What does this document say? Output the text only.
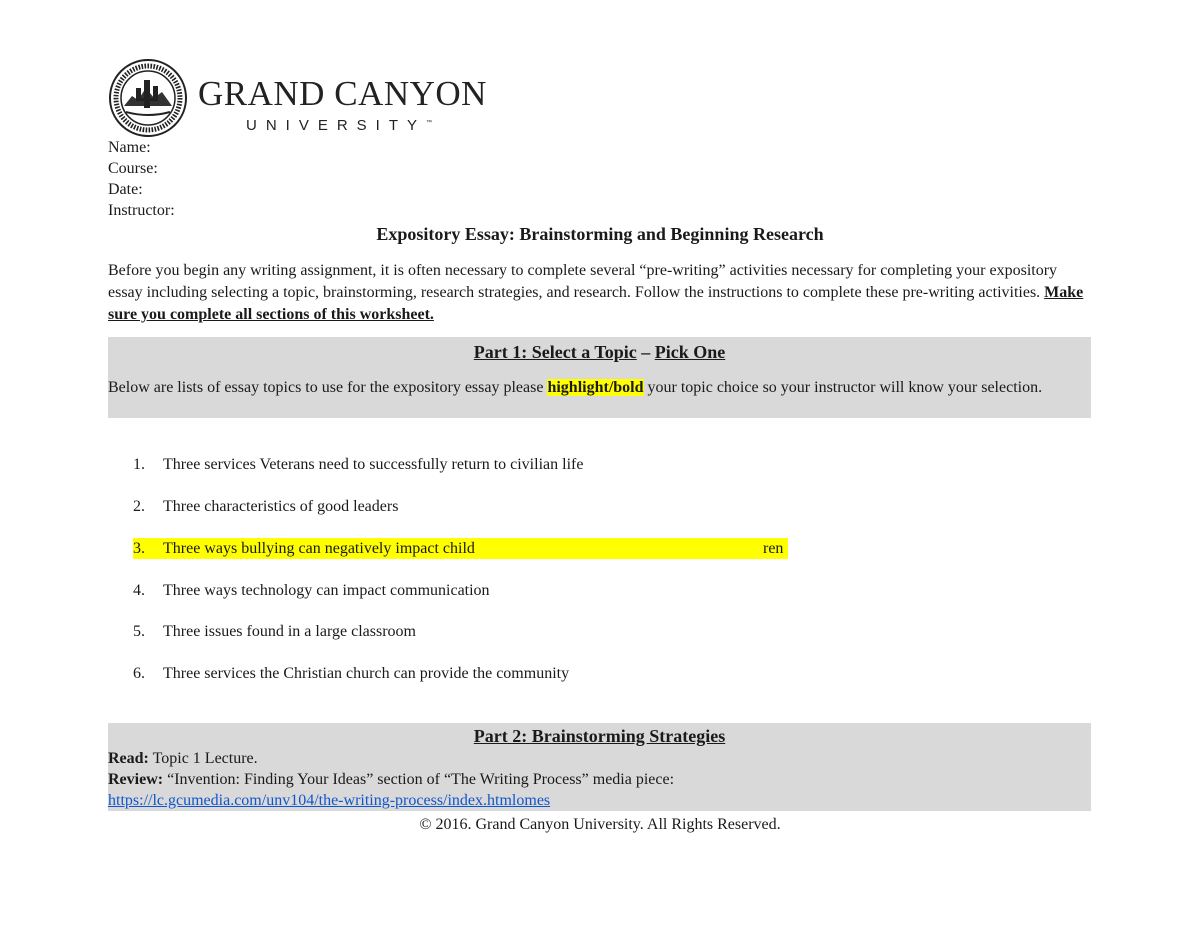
GRAND CANYON
UNIVERSITY™
Name:
Course:
Date:
Instructor:
Expository Essay: Brainstorming and Beginning Research
Before you begin any writing assignment, it is often necessary to complete several “pre-writing” activities necessary for completing your expository essay including selecting a topic, brainstorming, research strategies, and research. Follow the instructions to complete these pre-writing activities. Make sure you complete all sections of this worksheet.
Part 1: Select a Topic – Pick One
Below are lists of essay topics to use for the expository essay please highlight/bold your topic choice so your instructor will know your selection.
1. Three services Veterans need to successfully return to civilian life
2. Three characteristics of good leaders
3. Three ways bullying can negatively impact child	ren
4. Three ways technology can impact communication
5. Three issues found in a large classroom
6. Three services the Christian church can provide the community
Part 2: Brainstorming Strategies
Read: Topic 1 Lecture.
Review: “Invention: Finding Your Ideas” section of “The Writing Process” media piece:
https://lc.gcumedia.com/unv104/the-writing-process/index.htmlomes
© 2016. Grand Canyon University. All Rights Reserved.
